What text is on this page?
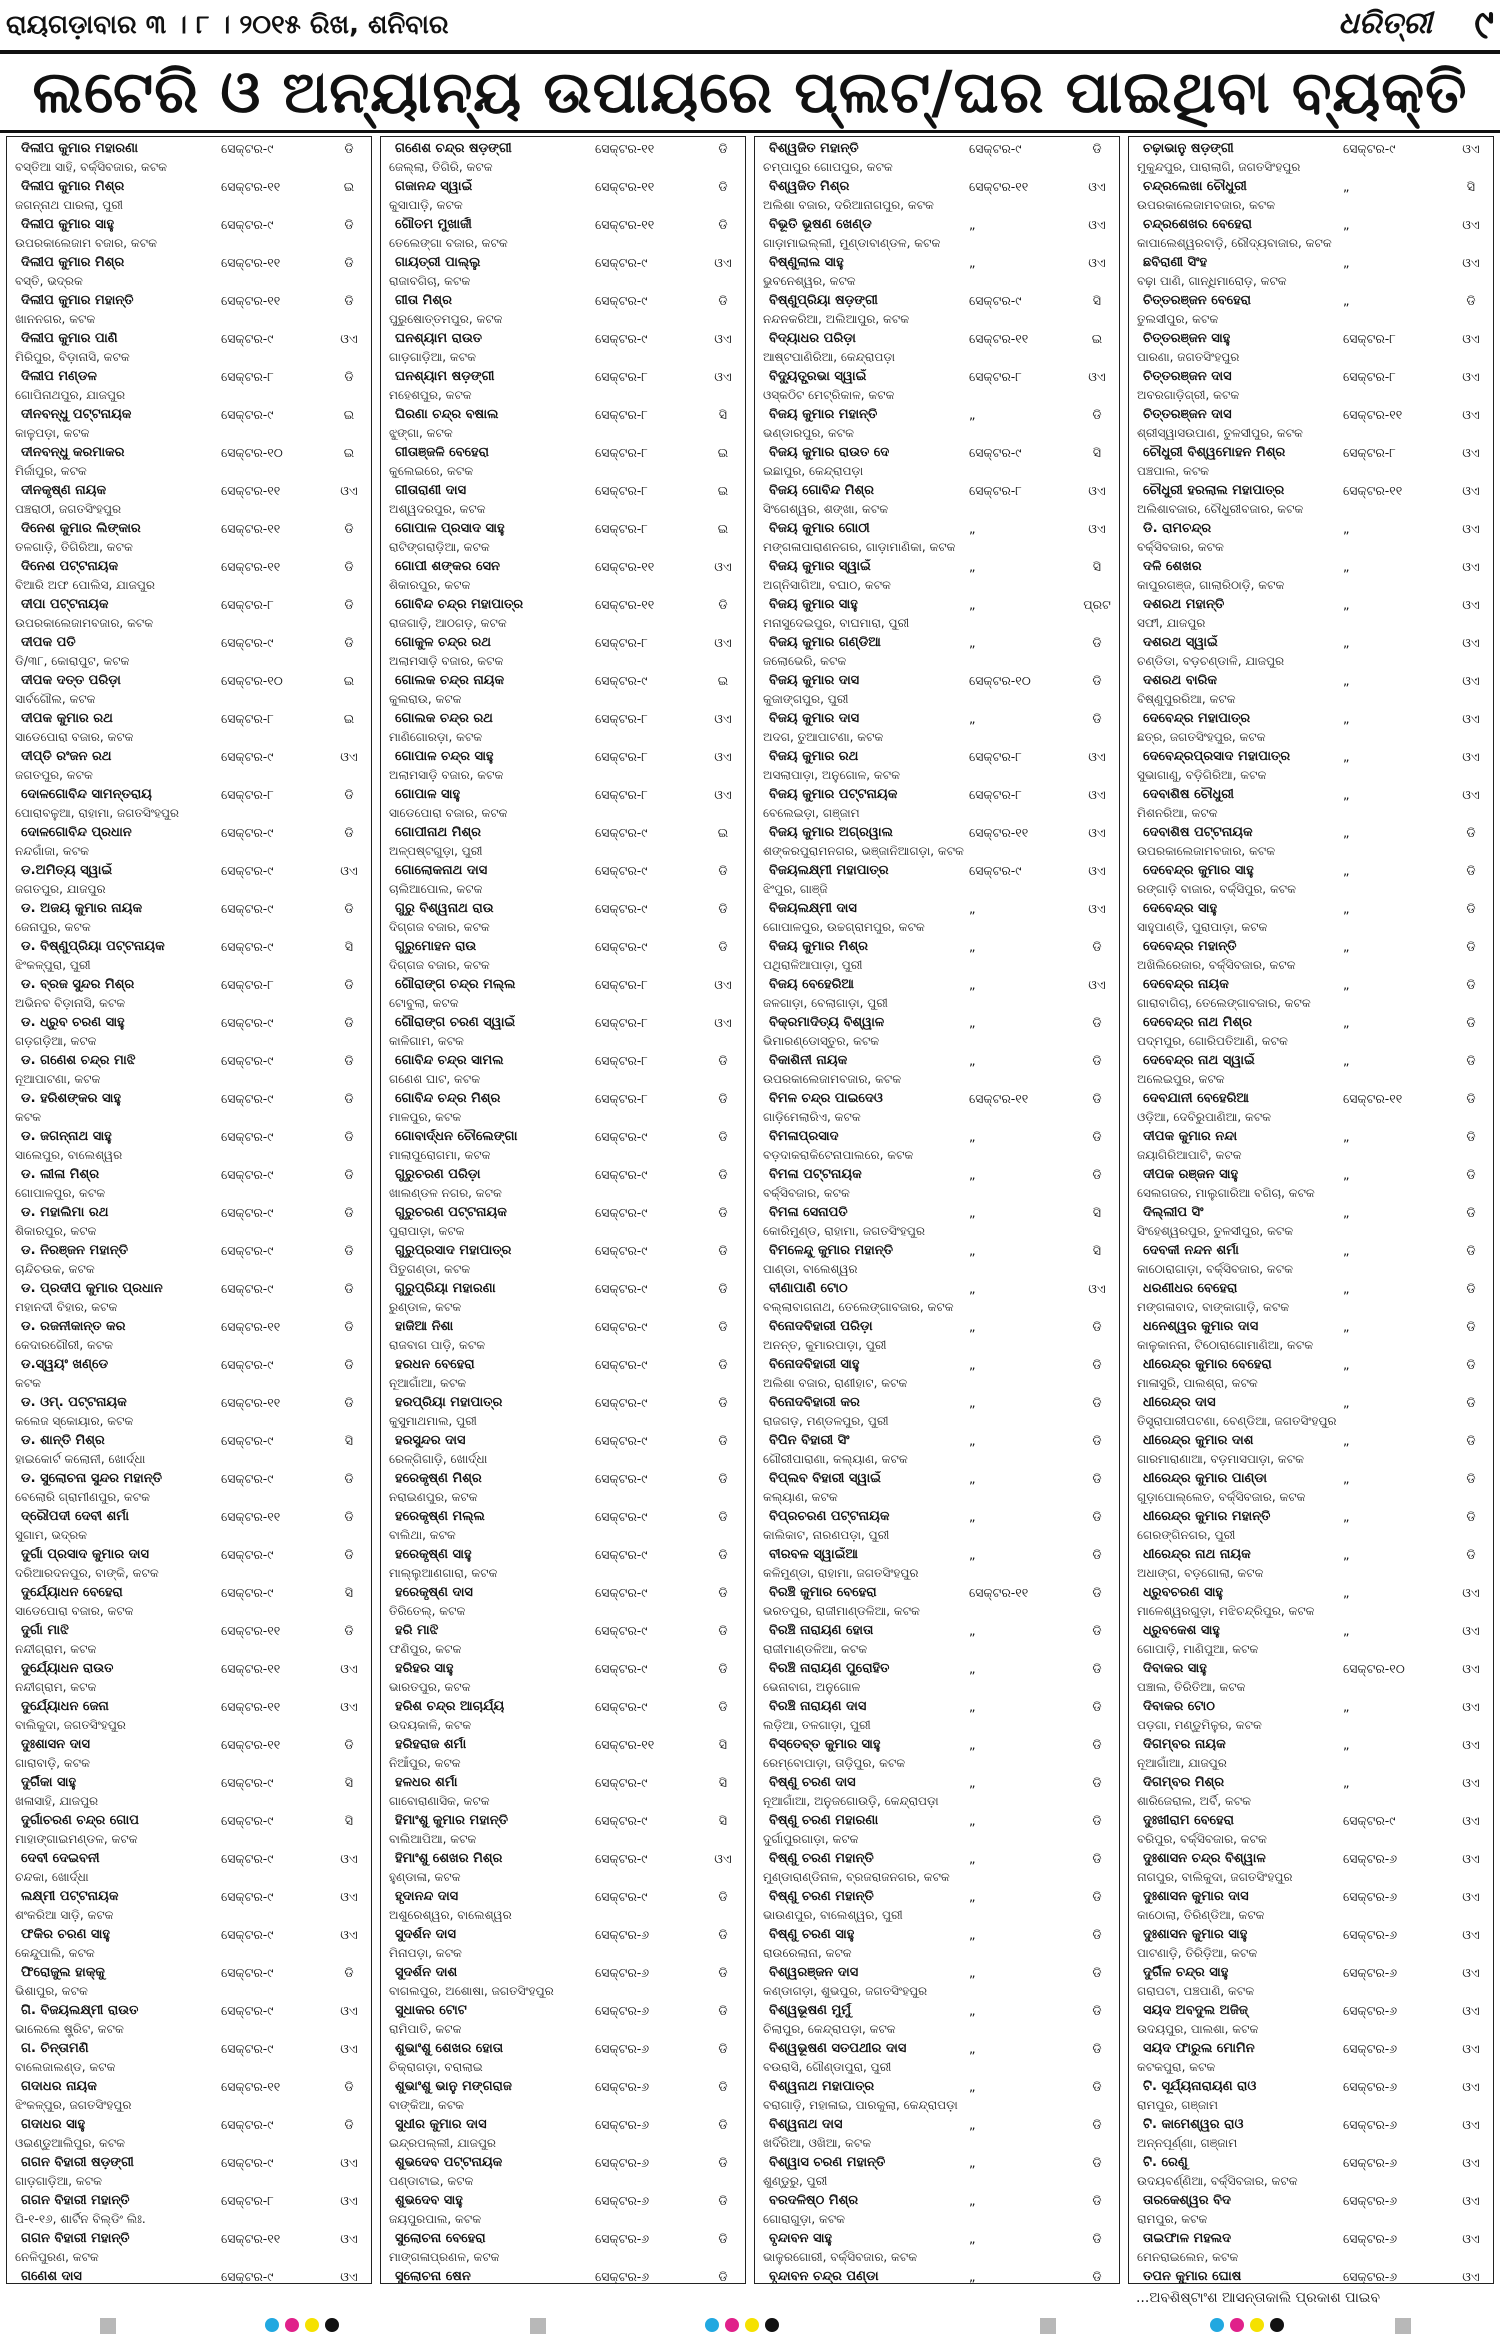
ରାୟଗଡ଼ାବାର ୩ । ୮ । ୨୦୧୫ ରିଖ, ଶନିବାର	ଧରିତ୍ରୀ ୯
ଲଟେରି ଓ ଅନ୍ୟାନ୍ୟ ଉପାୟରେ ପ୍ଲଟ୍/ଘର ପାଇଥିବା ବ୍ୟକ୍ତି
ଦିଲୀପ କୁମାର ମହାରଣା	ସେକ୍ଟର-୯	ଡି
ବସ୍ତିଆ ସାହି, ବର୍କ୍ସିବଜାର, କଟକ
ଦିଲୀପ କୁମାର ମିଶ୍ର	ସେକ୍ଟର-୧୧	ଇ
ଜଗନ୍ନାଥ ପାରଲା, ପୁରୀ
ଦିଲୀପ କୁମାର ସାହୁ	ସେକ୍ଟର-୯	ଡି
ଉପରକାଲେଜାମ ବଜାର, କଟକ
ଦିଲୀପ କୁମାର ମିଶ୍ର	ସେକ୍ଟର-୧୧	ଡି
ବସ୍ତି, ଭଦ୍ରକ
ଦିଲୀପ କୁମାର ମହାନ୍ତି	ସେକ୍ଟର-୧୧	ଡି
ଖାନନଗର, କଟକ
ଦିଲୀପ କୁମାର ପାଣି	ସେକ୍ଟର-୯	ଓଏ
ମିରିପୁର, ବିଡ଼ାନାସି, କଟକ
ଦିଲୀପ ମଣ୍ଡଳ	ସେକ୍ଟର-୮	ଡି
ଗୋପିନାଥପୁର, ଯାଜପୁର
ଦୀନବନ୍ଧୁ ପଟ୍ଟନାୟକ	ସେକ୍ଟର-୯	ଇ
କାଳୁପଡ଼ା, କଟକ
ଦୀନବନ୍ଧୁ କରମାକର	ସେକ୍ଟର-୧୦	ଇ
ମିର୍ଜାପୁର, କଟକ
ଦୀନକୃଷ୍ଣ ନାୟକ	ସେକ୍ଟର-୧୧	ଓଏ
ପଞ୍ଚରାଠୀ, ଜଗତସିଂହପୁର
ଦିନେଶ କୁମାର ଲିଙ୍କାର	ସେକ୍ଟର-୧୧	ଡି
ତଳଗାଡ଼ି, ତିଗିରିଆ, କଟକ
ଦିନେଶ ପଟ୍ଟନାୟକ	ସେକ୍ଟର-୧୧	ଡି
ବିଆରି ଅଫ ପୋଲିସ, ଯାଜପୁର
ଦୀପା ପଟ୍ଟନାୟକ	ସେକ୍ଟର-୮	ଡି
ଉପରକାଲେଜାମବଜାର, କଟକ
ଦୀପକ ପତି	ସେକ୍ଟର-୯	ଡି
ଡି/୩୮, କୋରାପୁଟ, କଟକ
ଦୀପକ ଦତ୍ତ ପରିଡ଼ା	ସେକ୍ଟର-୧୦	ଇ
ସାର୍ବଗୌଲ, କଟକ
ଦୀପକ କୁମାର ରଥ	ସେକ୍ଟର-୮	ଇ
ସାଡେପୋରା ବଜାର, କଟକ
ଦୀପ୍ତି ରଂଜନ ରଥ	ସେକ୍ଟର-୯	ଓଏ
ଜଗତପୁର, କଟକ
ଦୋଳଗୋବିନ୍ଦ ସାମନ୍ତରାୟ	ସେକ୍ଟର-୮	ଡି
ପୋରାବଳୁଆ, ରାହାମା, ଜଗତସିଂହପୁର
ଦୋଳଗୋବିନ୍ଦ ପ୍ରଧାନ	ସେକ୍ଟର-୯	ଡି
ନନ୍ଦଗାଁଜା, କଟକ
ଡ.ଅମିତ୍ୟ ସ୍ୱାଇଁ	ସେକ୍ଟର-୯	ଓଏ
ଜଗତପୁର, ଯାଜପୁର
ଡ. ଅଜୟ କୁମାର ନାୟକ	ସେକ୍ଟର-୯	ଡି
ଜେନାପୁର, କଟକ
ଡ. ବିଷ୍ଣୁପ୍ରିୟା ପଟ୍ଟନାୟକ	ସେକ୍ଟର-୯	ସି
ଝିଂକଳ୍ପୁରା, ପୁରୀ
ଡ. ବ୍ରଜ ସୁନ୍ଦର ମିଶ୍ର	ସେକ୍ଟର-୮	ଡି
ଅଭିନବ ବିଡ଼ାନାସି, କଟକ
ଡ. ଧ୍ରୁବ ଚରଣ ସାହୁ	ସେକ୍ଟର-୯	ଡି
ଗଡ଼ଗଡ଼ିଆ, କଟକ
ଡ. ଗଣେଶ ଚନ୍ଦ୍ର ମାଝି	ସେକ୍ଟର-୯	ଡି
ନୂଆପାଟଣା, କଟକ
ଡ. ହରିଶଙ୍କର ସାହୁ	ସେକ୍ଟର-୯	ଡି
କଟକ
ଡ. ଜଗନ୍ନାଥ ସାହୁ	ସେକ୍ଟର-୯	ଡି
ସାଲେପୁର, ବାଲେଶ୍ୱର
ଡ. ଲୀଳା ମିଶ୍ର	ସେକ୍ଟର-୯	ଡି
ଗୋପାଳପୁର, କଟକ
ଡ. ମହାଲିମା ରଥ	ସେକ୍ଟର-୯	ଡି
ଶିକାରପୁର, କଟକ
ଡ. ନିରଞ୍ଜନ ମହାନ୍ତି	ସେକ୍ଟର-୯	ଡି
ଚାନ୍ଦିଚଉକ, କଟକ
ଡ. ପ୍ରଦୀପ କୁମାର ପ୍ରଧାନ	ସେକ୍ଟର-୯	ଡି
ମହାନଦୀ ବିହାର, କଟକ
ଡ. ରଜନୀକାନ୍ତ କର	ସେକ୍ଟର-୧୧	ଡି
କେଦାରଗୌରୀ, କଟକ
ଡ.ସ୍ୱୟଂ ଖଣ୍ଡେ	ସେକ୍ଟର-୯	ଡି
କଟକ
ଡ. ଓମ୍. ପଟ୍ଟନାୟକ	ସେକ୍ଟର-୧୧	ଡି
କଲେଜ ସ୍କୋୟାର, କଟକ
ଡ. ଶାନ୍ତି ମିଶ୍ର	ସେକ୍ଟର-୯	ସି
ହାଇକୋର୍ଟ କଲୋନୀ, ଖୋର୍ଦ୍ଧା
ଡ. ସୁଲୋଚନା ସୁନ୍ଦର ମହାନ୍ତି	ସେକ୍ଟର-୯	ଡି
ବେଲୋରି ଗ୍ରାମୀଣପୁର, କଟକ
ଦ୍ରୌପଦୀ ଦେବୀ ଶର୍ମା	ସେକ୍ଟର-୧୧	ଡି
ସୁଗାମ, ଭଦ୍ରକ
ଦୁର୍ଗା ପ୍ରସାଦ କୁମାର ଦାସ	ସେକ୍ଟର-୯	ଡି
ଦରିଆରଦନପୁର, ବାଙ୍କି, କଟକ
ଦୁର୍ଯ୍ୟୋଧନ ବେହେରା	ସେକ୍ଟର-୯	ସି
ସାଡେପୋରା ବଜାର, କଟକ
ଦୁର୍ଗା ମାଝି	ସେକ୍ଟର-୧୧	ଡି
ନନ୍ଦୀଗ୍ରାମ, କଟକ
ଦୁର୍ଯ୍ୟୋଧନ ରାଉତ	ସେକ୍ଟର-୧୧	ଓଏ
ନନ୍ଦୀଗ୍ରାମ, କଟକ
ଦୁର୍ଯ୍ୟୋଧନ ଜେନା	ସେକ୍ଟର-୧୧	ଓଏ
ବାଲିକୁଦା, ଜଗତସିଂହପୁର
ଦୁଃଶାସନ ଦାସ	ସେକ୍ଟର-୧୧	ଡି
ଗାରାବାଡ଼ି, କଟକ
ଦୁର୍ଗିକା ସାହୁ	ସେକ୍ଟର-୯	ସି
ଖଳାସାହି, ଯାଜପୁର
ଦୁର୍ଗାଚରଣ ଚନ୍ଦ୍ର ଗୋପ	ସେକ୍ଟର-୯	ସି
ମାହାଙ୍ଗାଇମଣ୍ଡଳ, କଟକ
ଦେବୀ ଦେଇବନୀ	ସେକ୍ଟର-୯	ଓଏ
ଚନ୍ଦକା, ଖୋର୍ଦ୍ଧା
ଲକ୍ଷ୍ମୀ ପଟ୍ଟନାୟକ	ସେକ୍ଟର-୯	ଓଏ
ଶଂକରିଆ ସାଡ଼ି, କଟକ
ଫକିର ଚରଣ ସାହୁ	ସେକ୍ଟର-୯	ଓଏ
କେନ୍ଦୁପାଲି, କଟକ
ଫିରୋଜୁଲ ହାକ୍କୁ	ସେକ୍ଟର-୯	ଡି
ଭିଶାପୁର, କଟକ
ଗି. ବିଜୟଲକ୍ଷ୍ମୀ ରାଉତ	ସେକ୍ଟର-୯	ଓଏ
ଭାଲେଲେ ଷ୍ଟ୍ରିଟ, କଟକ
ଗ. ଚିନ୍ତାମଣି	ସେକ୍ଟର-୯	ଓଏ
ବାଲେଜାଲଣ୍ଡ, କଟକ
ଗଦାଧର ନାୟକ	ସେକ୍ଟର-୧୧	ଡି
ଝିଂକଳ୍ପୁର, ଜଗତସିଂହପୁର
ଗଦାଧର ସାହୁ	ସେକ୍ଟର-୯	ଡି
ଓଇଣ୍ଡୁଆଲିପୁର, କଟକ
ଗଗନ ବିହାରୀ ଷଡ଼ଙ୍ଗୀ	ସେକ୍ଟର-୯	ଓଏ
ଗାଡ଼ଗାଡ଼ିଆ, କଟକ
ଗଗନ ବିହାରୀ ମହାନ୍ତି	ସେକ୍ଟର-୮	ଓଏ
ପି-୧-୧୬, ଶାର୍ଟିନ ବିଲ୍ଡିଂ ଲିଃ.
ଗଗନ ବିହାରୀ ମହାନ୍ତି	ସେକ୍ଟର-୧୧	ଓଏ
ନେଳିପୁରଣ, କଟକ
ଗଣେଶ ଦାସ	ସେକ୍ଟର-୯	ଓଏ
ଗଣେଶ ଚନ୍ଦ୍ର ଷଡ଼ଙ୍ଗୀ	ସେକ୍ଟର-୧୧	ଡି
ଜେଲ୍ଲା, ତିଗିରି, କଟକ
ଗଜାନନ୍ଦ ସ୍ୱାଇଁ	ସେକ୍ଟର-୧୧	ଡି
କୁସାପାଡ଼ି, କଟକ
ଗୌତମ ମୁଖାର୍ଜୀ	ସେକ୍ଟର-୧୧	ଡି
ତେଲେଙ୍ଗା ବଜାର, କଟକ
ଗାୟତ୍ରୀ ପାଲ୍ଲୁ	ସେକ୍ଟର-୯	ଓଏ
ରାଜାବଗିଚା, କଟକ
ଗୀତା ମିଶ୍ର	ସେକ୍ଟର-୯	ଡି
ପୁରୁଷୋତ୍ତମପୁର, କଟକ
ଘନଶ୍ୟାମ ରାଉତ	ସେକ୍ଟର-୯	ଓଏ
ଗାଡ଼ଗାଡ଼ିଆ, କଟକ
ଘନଶ୍ୟାମ ଷଡ଼ଙ୍ଗୀ	ସେକ୍ଟର-୮	ଓଏ
ମହେଶପୁର, କଟକ
ଘିରଣା ଚନ୍ଦ୍ର ବଷାଲ	ସେକ୍ଟର-୮	ସି
ଝୁଙ୍ଗା, କଟକ
ଗୀତାଞ୍ଜଳି ବେହେରା	ସେକ୍ଟର-୮	ଇ
କୁଲେଇରେ, କଟକ
ଗୀତାରାଣୀ ଦାସ	ସେକ୍ଟର-୮	ଇ
ଅଶ୍ୱଦରପୁର, କଟକ
ଗୋପାଳ ପ୍ରସାଦ ସାହୁ	ସେକ୍ଟର-୮	ଇ
ରାଟିଙ୍ଗରାଡ଼ିଆ, କଟକ
ଗୋପୀ ଶଙ୍କର ସେନ	ସେକ୍ଟର-୧୧	ଓଏ
ଶିକାରପୁର, କଟକ
ଗୋବିନ୍ଦ ଚନ୍ଦ୍ର ମହାପାତ୍ର	ସେକ୍ଟର-୧୧	ଡି
ରାଜଗାଡ଼ି, ଆଠଗଡ଼, କଟକ
ଗୋକୁଳ ଚନ୍ଦ୍ର ରଥ	ସେକ୍ଟର-୮	ଓଏ
ଅଲାମସାଡ଼ି ବଜାର, କଟକ
ଗୋଲକ ଚନ୍ଦ୍ର ନାୟକ	ସେକ୍ଟର-୯	ଇ
କୁଲରାଉ, କଟକ
ଗୋଲକ ଚନ୍ଦ୍ର ରଥ	ସେକ୍ଟର-୮	ଓଏ
ମାଣିଗୋରଡ଼ା, କଟକ
ଗୋପାଳ ଚନ୍ଦ୍ର ସାହୁ	ସେକ୍ଟର-୮	ଓଏ
ଅଲାମସାଡ଼ି ବଜାର, କଟକ
ଗୋପାଳ ସାହୁ	ସେକ୍ଟର-୮	ଓଏ
ସାଡେପୋରା ବଜାର, କଟକ
ଗୋପୀନାଥ ମିଶ୍ର	ସେକ୍ଟର-୯	ଇ
ଅଳ୍ପଷ୍ଟଗୁଡ଼ା, ପୁରୀ
ଗୋଲୋକନାଥ ଦାସ	ସେକ୍ଟର-୯	ଡି
ଚାଲିଆପୋଲ, କଟକ
ଗୁରୁ ବିଶ୍ୱନାଥ ରାଉ	ସେକ୍ଟର-୯	ଡି
ଦିଗ୍ଗଜ ବଜାର, କଟକ
ଗୁରୁମୋହନ ରାଉ	ସେକ୍ଟର-୯	ଡି
ଦିଗ୍ଗଜ ବଜାର, କଟକ
ଗୌରାଙ୍ଗ ଚନ୍ଦ୍ର ମଲ୍ଲ	ସେକ୍ଟର-୮	ଓଏ
ଟୋବୁଲା, କଟକ
ଗୌରାଙ୍ଗ ଚରଣ ସ୍ୱାଇଁ	ସେକ୍ଟର-୮	ଓଏ
କାଳିଗାମ, କଟକ
ଗୋବିନ୍ଦ ଚନ୍ଦ୍ର ସାମଲ	ସେକ୍ଟର-୮	ଡି
ଗଣେଶ ଘାଟ, କଟକ
ଗୋବିନ୍ଦ ଚନ୍ଦ୍ର ମିଶ୍ର	ସେକ୍ଟର-୮	ଡି
ମାଳପୁର, କଟକ
ଗୋବାର୍ଦ୍ଧନ ଚୌଲେଙ୍ଗା	ସେକ୍ଟର-୯	ଡି
ମାଲାପୁରୋଗମା, କଟକ
ଗୁରୁଚରଣ ପରିଡ଼ା	ସେକ୍ଟର-୯	ଡି
ଖାଲଣ୍ଡଳ ନଗର, କଟକ
ଗୁରୁଚରଣ ପଟ୍ଟନାୟକ	ସେକ୍ଟର-୯	ଡି
ପୁରାପାଡ଼ା, କଟକ
ଗୁରୁପ୍ରସାଦ ମହାପାତ୍ର	ସେକ୍ଟର-୯	ଡି
ପିତୁଗଣ୍ଡା, କଟକ
ଗୁରୁପ୍ରିୟା ମହାରଣା	ସେକ୍ଟର-୯	ଡି
ରୁଣ୍ଡାଳ, କଟକ
ହାଜିଆ ନିଶା	ସେକ୍ଟର-୯	ଡି
ରାଜବାଗ ପାଡ଼ି, କଟକ
ହରଧନ ବେହେରା	ସେକ୍ଟର-୯	ଡି
ନୂଆଗାଁଆ, କଟକ
ହରପ୍ରିୟା ମହାପାତ୍ର	ସେକ୍ଟର-୯	ଡି
କୁସୁମାଥମାଲ, ପୁରୀ
ହରସୁନ୍ଦର ଦାସ	ସେକ୍ଟର-୯	ଡି
ରେଳ୍ଗିଗାଡ଼ି, ଖୋର୍ଦ୍ଧା
ହରେକୃଷ୍ଣ ମିଶ୍ର	ସେକ୍ଟର-୯	ଡି
ନରାଇଣପୁର, କଟକ
ହରେକୃଷ୍ଣ ମଲ୍ଲ	ସେକ୍ଟର-୯	ଡି
ବାଲିଥା, କଟକ
ହରେକୃଷ୍ଣ ସାହୁ	ସେକ୍ଟର-୯	ଡି
ମାଲ୍ଲୁଆଣଗାରା, କଟକ
ହରେକୃଷ୍ଣ ଦାସ	ସେକ୍ଟର-୯	ଡି
ତିରିତେଲ୍, କଟକ
ହରି ମାଝି	ସେକ୍ଟର-୯	ଡି
ଫଣିପୁର, କଟକ
ହରିହର ସାହୁ	ସେକ୍ଟର-୯	ଡି
ଭାରତପୁର, କଟକ
ହରିଶ ଚନ୍ଦ୍ର ଆଚାର୍ଯ୍ୟ	ସେକ୍ଟର-୯	ଡି
ଉଦୟକାଳି, କଟକ
ହରିହରାଜ ଶର୍ମା	ସେକ୍ଟର-୧୧	ସି
ନିଆଁପୁର, କଟକ
ହଳଧର ଶର୍ମା	ସେକ୍ଟର-୯	ସି
ଗାବୋରାଣାସିକ, କଟକ
ହିମାଂଶୁ କୁମାର ମହାନ୍ତି	ସେକ୍ଟର-୯	ସି
ବାଲିଆପିଆ, କଟକ
ହିମାଂଶୁ ଶେଖର ମିଶ୍ର	ସେକ୍ଟର-୯	ଓଏ
ହୁଣ୍ଡାଳା, କଟକ
ହୃଦାନନ୍ଦ ଦାସ	ସେକ୍ଟର-୯	ଡି
ଅଶୁରେଶ୍ୱର, ବାଲେଶ୍ୱର
ସୁଦର୍ଶନ ଦାସ	ସେକ୍ଟର-୬	ଡି
ମିନାପଡ଼ା, କଟକ
ସୁଦର୍ଶନ ଦାଶ	ସେକ୍ଟର-୬	ଡି
ବାଗଲପୁର, ଅଶୋଷା, ଜଗତସିଂହପୁର
ସୁଧାକର ଟୋଟ	ସେକ୍ଟର-୬	ଡି
ରାମିପାତି, କଟକ
ଶୁଭାଂଶୁ ଶେଖର ହୋତା	ସେକ୍ଟର-୬	ଡି
ଚିକ୍ରାଗଡ଼ା, ବରାଲାଇ
ଶୁଭାଂଶୁ ଭାନୁ ମଙ୍ଗରାଜ	ସେକ୍ଟର-୬	ଡି
ବାଙ୍କିଆ, କଟକ
ସୁଧୀର କୁମାର ଦାସ	ସେକ୍ଟର-୬	ଡି
ଇନ୍ଦ୍ରପଲ୍ଲୀ, ଯାଜପୁର
ଶୁଭଦେବ ପଟ୍ଟନାୟକ	ସେକ୍ଟର-୬	ଡି
ପଣ୍ଡାଟାଇ, କଟକ
ଶୁଭଦେବ ସାହୁ	ସେକ୍ଟର-୬	ଡି
ଜୟପୁରପାଲ, କଟକ
ସୁଲୋଚନା ବେହେରା	ସେକ୍ଟର-୬	ଡି
ମାଙ୍ଗଳାପ୍ରଣଳ, କଟକ
ସୁଲୋଚନା ଷେନ	ସେକ୍ଟର-୬	ଡି
ବିଶ୍ୱଜିତ ମହାନ୍ତି	ସେକ୍ଟର-୯	ଡି
ଚମ୍ପାପୁର ଗୋପପୁର, କଟକ
ବିଶ୍ୱଜିତ ମିଶ୍ର	ସେକ୍ଟର-୧୧	ଓଏ
ଅଲିଶା ବଜାର, ଦରିଆନାଗପୁର, କଟକ
ବିଭୂତି ଭୂଷଣ ଖେଣ୍ଡ	„	ଓଏ
ଗାଡ଼ାମାଇଲ୍ଲୀ, ମୁଣ୍ଡାବାଣ୍ଡଳ, କଟକ
ବିଷ୍ଣୁଲାଲ ସାହୁ	„	ଓଏ
ଭୁବନେଶ୍ୱର, କଟକ
ବିଷ୍ଣୁପ୍ରିୟା ଷଡ଼ଙ୍ଗୀ	ସେକ୍ଟର-୯	ସି
ନନ୍ଦନକରିଆ, ଅଲିଆପୁର, କଟକ
ବିଦ୍ୟାଧର ପରିଡ଼ା	ସେକ୍ଟର-୧୧	ଇ
ଆଷ୍ଟପାଣିରିଆ, କେନ୍ଦ୍ରାପଡ଼ା
ବିଦ୍ୟୁତ୍ପ୍ରଭା ସ୍ୱାଇଁ	ସେକ୍ଟର-୮	ଓଏ
ଓସ୍କଠିଟ ମେଟ୍ରିକାଳ, କଟକ
ବିଜୟ କୁମାର ମହାନ୍ତି	„	ଡି
ଭଣ୍ଡାରପୁର, କଟକ
ବିଜୟ କୁମାର ରାଉତ ଦେ	ସେକ୍ଟର-୯	ସି
ଇଛାପୁର, କେନ୍ଦ୍ରାପଡ଼ା
ବିଜୟ ଗୋବିନ୍ଦ ମିଶ୍ର	ସେକ୍ଟର-୮	ଓଏ
ସିଂଗେଶ୍ୱର, ଶଙ୍ଖା, କଟକ
ବିଜୟ କୁମାର ଗୋଠୀ	„	ଓଏ
ମଙ୍ଗଳାପାରାଣନଗର, ଗାଡ଼ାମାଣିକା, କଟକ
ବିଜୟ କୁମାର ସ୍ୱାଇଁ	„	ସି
ଅଗ୍ନିସାଗିଆ, ବଘାଠ, କଟକ
ବିଜୟ କୁମାର ସାହୁ	„	ପ୍ରଟ
ମନାସୁଦେଇପୁର, ବାଘମାରା, ପୁରୀ
ବିଜୟ କୁମାର ଗଣ୍ଡିଆ	„	ଡି
ଜଲୋଭେରି, କଟକ
ବିଜୟ କୁମାର ଦାସ	ସେକ୍ଟର-୧୦	ଡି
କୁଜାଙ୍ଗପୁର, ପୁରୀ
ବିଜୟ କୁମାର ଦାସ	„	ଡି
ଅଦଗ, ତୁଆପାଟଣା, କଟକ
ବିଜୟ କୁମାର ରଥ	ସେକ୍ଟର-୮	ଓଏ
ଅସଲାପାଡ଼ା, ଅନୁଗୋଳ, କଟକ
ବିଜୟ କୁମାର ପଟ୍ଟନାୟକ	ସେକ୍ଟର-୮	ଓଏ
ବେଲେଇଡ଼ା, ଗଞ୍ଜାମ
ବିଜୟ କୁମାର ଅଗ୍ରୱାଲ	ସେକ୍ଟର-୧୧	ଓଏ
ଶଙ୍କରପୁରାମନଗର, ଭଞ୍ଜାନିଆଗଡ଼ା, କଟକ
ବିଜୟଲକ୍ଷ୍ମୀ ମହାପାତ୍ର	ସେକ୍ଟର-୯	ଓଏ
ଝିଂପୁର, ଗାଞ୍ଜି
ବିଜୟଲକ୍ଷ୍ମୀ ଦାସ	„	ଓଏ
ଗୋପାଳପୁର, ଉଚ୍ଚଗ୍ରାମପୁର, କଟକ
ବିଜୟ କୁମାର ମିଶ୍ର	„	ଡି
ପଥିରାଳିଆପାଡ଼ା, ପୁରୀ
ବିଜୟ ବେହେରିଆ	„	ଓଏ
ଜଳଗାଡ଼ା, ବେଲାଗାଡ଼ା, ପୁରୀ
ବିକ୍ରମାଦିତ୍ୟ ବିଶ୍ୱାଳ	„	ଡି
ଭିମାରଣ୍ଡୋସ୍ତୁର, କଟକ
ବିକାଶିନୀ ନାୟକ	„	ଡି
ଉପରକାଲେଜାମବଜାର, କଟକ
ବିମଳ ଚନ୍ଦ୍ର ପାଇଦେଓ	ସେକ୍ଟର-୧୧	ଡି
ଗାଡ଼ିମେଲାରିଏ, କଟକ
ବିମଳାପ୍ରସାଦ	„	ଡି
ବଡ଼ଦାକରାକିଟେନାପାଲରେ, କଟକ
ବିମଳା ପଟ୍ଟନାୟକ	„	ଡି
ବର୍କ୍ସିବଜାର, କଟକ
ବିମଳା ସେନାପତି	„	ସି
କୋରିମୁଣ୍ଡ, ରାହାମା, ଜଗତସିଂହପୁର
ବିମଳେନ୍ଦୁ କୁମାର ମହାନ୍ତି	„	ସି
ପାଣ୍ଡା, ବାଲେଶ୍ୱର
ବୀଣାପାଣି ଟୋଠ	„	ଓଏ
ବଲ୍ଲାବାଗନାଥ, ତେଲେଙ୍ଗାବଜାର, କଟକ
ବିନୋଦବିହାରୀ ପରିଡ଼ା	„	ଡି
ଅନନ୍ତ, କୁମାରପାଡ଼ା, ପୁରୀ
ବିନୋଦବିହାରୀ ସାହୁ	„	ଡି
ଅଲିଶା ବଜାର, ରାଣୀହାଟ, କଟକ
ବିନୋଦବିହାରୀ କର	„	ଡି
ରାଜଗଡ଼, ମଣ୍ଡଳପୁର, ପୁରୀ
ବିପିନ ବିହାରୀ ସିଂ	„	ଡି
ଗୌରୀପାରାଣା, କଲ୍ୟାଣ, କଟକ
ବିପ୍ଲବ ବିହାରୀ ସ୍ୱାଇଁ	„	ଡି
କଲ୍ୟାଣ, କଟକ
ବିପ୍ରଚରଣ ପଟ୍ଟନାୟକ	„	ଡି
କାଲିକାଟ, ନାରଣପଡ଼ା, ପୁରୀ
ବୀରବଳ ସ୍ୱାଇଁଆ	„	ଡି
କଳିମୁଣ୍ଡା, ରାହାମା, ଜଗତସିଂହପୁର
ବିରଞ୍ଚି କୁମାର ବେହେରା	ସେକ୍ଟର-୧୧	ଡି
ଭରତପୁର, ରାଜୀମାଣ୍ଡଳିଆ, କଟକ
ବିରଞ୍ଚି ନାରାୟଣ ହୋତା	„	ଡି
ରାଜୀମାଣ୍ଡଳିଆ, କଟକ
ବିରଞ୍ଚି ନାରାୟଣ ପୁରୋହିତ	„	ଡି
ଭେନାବାଗ, ଅନୁଗୋଳ
ବିରଞ୍ଚି ନାରାୟଣ ଦାସ	„	ଡି
ଲଡ଼ିଆ, ତଳଗାଡ଼ା, ପୁରୀ
ବିସ୍ତେବ୍ତ କୁମାର ସାହୁ	„	ଡି
ରେମ୍ବୋପାଡ଼ା, ତାଡ଼ିପୁର, କଟକ
ବିଷ୍ଣୁ ଚରଣ ଦାସ	„	ଡି
ନୂଆଗାଁଆ, ଅନୁଜଗୋଉଡ଼ି, କେନ୍ଦ୍ରାପଡ଼ା
ବିଷ୍ଣୁ ଚରଣ ମହାରଣା	„	ଡି
ଦୁର୍ଗାପୁରଗାଡ଼ା, କଟକ
ବିଷ୍ଣୁ ଚରଣ ମହାନ୍ତି	„	ଡି
ମୁଣ୍ଡାରାଣ୍ଡିନାଳ, ବ୍ରଜରାଜନଗର, କଟକ
ବିଷ୍ଣୁ ଚରଣ ମହାନ୍ତି	„	ଡି
ଭାଉଣପୁର, ବାଲେଶ୍ୱର, ପୁରୀ
ବିଷ୍ଣୁ ଚରଣ ସାହୁ	„	ଡି
ରାଉରେଲାନା, କଟକ
ବିଶ୍ୱରଞ୍ଜନ ଦାସ	„	ଡି
କଣ୍ଡାଗଡ଼ା, ଶୁଭପୁର, ଜଗତସିଂହପୁର
ବିଶ୍ୱଭୂଷଣ ମୁର୍ମୁ	„	ଡି
ଚିଲାପୁର, କେନ୍ଦ୍ରାପଡ଼ା, କଟକ
ବିଶ୍ୱଭୂଷଣ ସତପଥୀର ଦାସ	„	ଡି
ବଉରାସି, ଗୌଣ୍ଡାପୁରା, ପୁରୀ
ବିଶ୍ୱନାଥ ମହାପାତ୍ର	„	ଡି
ବରାଗାଡ଼ି, ମହାଳାଇ, ପାରକୁଲା, କେନ୍ଦ୍ରାପଡ଼ା
ବିଶ୍ୱନାଥ ଦାସ	„	ଡି
ଖଦିଁରିଆ, ଓଖିଆ, କଟକ
ବିଶ୍ୱାସ ଚରଣ ମହାନ୍ତି	„	ଡି
ଶୁଣ୍ଡୁରୁ, ପୁରୀ
ବରଦଳିଷ୍ଠ ମିଶ୍ର	„	ଡି
ଗୋରାଗୁଡ଼ା, କଟକ
ବୃନ୍ଦାବନ ସାହୁ	„	ଡି
ଭାଳୁରଗୋରୀ, ବର୍କ୍ସିବଜାର, କଟକ
ବୃନ୍ଦାବନ ଚନ୍ଦ୍ର ପଣ୍ଡା	„	ଡି
ଚଢ଼ାଭାନୁ ଷଡ଼ଙ୍ଗୀ	ସେକ୍ଟର-୯	ଓଏ
ମୁକୁନ୍ଦପୁର, ପାରାଲାଗି, ଜଗତସିଂହପୁର
ଚନ୍ଦ୍ରଲେଖା ଚୌଧୁରୀ	„	ସି
ଉପରକାଲେଜାମବଜାର, କଟକ
ଚନ୍ଦ୍ରଶେଖର ବେହେରା	„	ଓଏ
କାପାଲେଶ୍ୱରବାଡ଼ି, ରୌଦ୍ୟବାଜାର, କଟକ
ଛବିରାଣୀ ସିଂହ	„	ଓଏ
ବଢ଼ା ପାଣି, ଗାନ୍ଧିମାରୋଡ଼, କଟକ
ଚିତ୍ତରଞ୍ଜନ ବେହେରା	„	ଡି
ତୁଲସୀପୁର, କଟକ
ଚିତ୍ତରଞ୍ଜନ ସାହୁ	ସେକ୍ଟର-୮	ଓଏ
ପାରଣା, ଜଗତସିଂହପୁର
ଚିତ୍ତରଞ୍ଜନ ଦାସ	ସେକ୍ଟର-୮	ଓଏ
ଅବରଗାଡ଼ିଗ୍ରୀ, କଟକ
ଚିତ୍ତରଞ୍ଜନ ଦାସ	ସେକ୍ଟର-୧୧	ଓଏ
ଶ୍ରୀସ୍ୱାସଉପାଣ, ତୁଳସୀପୁର, କଟକ
ଚୌଧୁରୀ ବିଶ୍ୱମୋହନ ମିଶ୍ର	ସେକ୍ଟର-୮	ଓଏ
ପଞ୍ଚପାଲ, କଟକ
ଚୌଧୁରୀ ହରଲାଲ ମହାପାତ୍ର	ସେକ୍ଟର-୧୧	ଓଏ
ଅଲିଶାବଜାର, ଚୌଧୁରୀବଜାର, କଟକ
ଡି. ରାମଚନ୍ଦ୍ର	„	ଓଏ
ବର୍କ୍ସିବଜାର, କଟକ
ଦଳି ଶେଖର	„	ଓଏ
କାପୁରଗଞ୍ଜ, ଗାଲାରିଠାଡ଼ି, କଟକ
ଦଶରଥ ମହାନ୍ତି	„	ଓଏ
ସଫୀ, ଯାଜପୁର
ଦଶରଥ ସ୍ୱାଇଁ	„	ଓଏ
ଚଣ୍ଡିଡା, ବଡ଼ଚଣ୍ଡାଳି, ଯାଜପୁର
ଦଶରଥ ବାରିକ	„	ଓଏ
ବିଷ୍ଣୁପୁରରିଆ, କଟକ
ଦେବେନ୍ଦ୍ର ମହାପାତ୍ର	„	ଓଏ
ଛତ୍ର, ଜଗତସିଂହପୁର, କଟକ
ଦେବେନ୍ଦ୍ରପ୍ରସାଦ ମହାପାତ୍ର	„	ଓଏ
ସୁଭାଗାଣୁ, ବଡ଼ିଗିରିଆ, କଟକ
ଦେବାଶିଷ ଚୌଧୁରୀ	„	ଓଏ
ମିଶନରିଆ, କଟକ
ଦେବାଶିଷ ପଟ୍ଟନାୟକ	„	ଡି
ଉପରକାଲେଜାମବଜାର, କଟକ
ଦେବେନ୍ଦ୍ର କୁମାର ସାହୁ	„	ଡି
ରଙ୍ଗାଡ଼ି ବାଜାର, ବର୍କ୍ସିପୁର, କଟକ
ଦେବେନ୍ଦ୍ର ସାହୁ	„	ଡି
ସାହୁପାଣ୍ଡି, ପୁରାପାଡ଼ା, କଟକ
ଦେବେନ୍ଦ୍ର ମହାନ୍ତି	„	ଡି
ଅଖିଲିରେଜାର, ବର୍କ୍ସିବଜାର, କଟକ
ଦେବେନ୍ଦ୍ର ନାୟକ	„	ଡି
ଗାରାବାଗିଚା, ତେଲେଙ୍ଗାବଜାର, କଟକ
ଦେବେନ୍ଦ୍ର ନାଥ ମିଶ୍ର	„	ଡି
ପଦ୍ମପୁର, ଗୋରିପତିଆଣି, କଟକ
ଦେବେନ୍ଦ୍ର ନାଥ ସ୍ୱାଇଁ	„	ଡି
ଅଲେଇପୁର, କଟକ
ଦେବଯାନୀ ବେହେରିଆ	ସେକ୍ଟର-୧୧	ଡି
ଓଡ଼ିଆ, ଦେବିରୁପାଣିଆ, କଟକ
ଦୀପକ କୁମାର ନନ୍ଦା	„	ଡି
ଜୟାଗିରିଆପାଟି, କଟକ
ଦୀପକ ରଞ୍ଜନ ସାହୁ	„	ଡି
ସେଲଗଜର, ମାଲୁଗାରିଆ ବଗିଚା, କଟକ
ଦିଲ୍ଲୀପ ସିଂ	„	ଡି
ସିଂହେଶ୍ୱରପୁର, ତୁଳସୀପୁର, କଟକ
ଦେବକୀ ନନ୍ଦନ ଶର୍ମା	„	ଡି
କାଠୋରାଗାଡ଼ା, ବର୍କ୍ସିବଜାର, କଟକ
ଧରଣୀଧର ବେହେରା	„	ଡି
ମଙ୍ଗଳାବାଦ, ବାଙ୍କାଗାଡ଼ି, କଟକ
ଧନେଶ୍ୱର କୁମାର ଦାସ	„	ଡି
କାଳୁକାନନା, ଟିଠୋରାଗୋମାଣିଆ, କଟକ
ଧୀରେନ୍ଦ୍ର କୁମାର ବେହେରା	„	ଡି
ମାଳାସୁରି, ପାଲଶ୍ରା, କଟକ
ଧୀରେନ୍ଦ୍ର ଦାସ	„	ଡି
ତିସ୍ତ୍ରାପାରୀପଟଣା, ବେଣ୍ଡିଆ, ଜଗତସିଂହପୁର
ଧୀରେନ୍ଦ୍ର କୁମାର ଦାଶ	„	ଡି
ଗାରମାରାଣାଆ, ବଡ଼ମାସପାଡ଼ା, କଟକ
ଧୀରେନ୍ଦ୍ର କୁମାର ପାଣ୍ଡା	„	ଡି
ଗୁଡ଼ାପୋଲ୍ଲେତ, ବର୍କ୍ସିବଜାର, କଟକ
ଧୀରେନ୍ଦ୍ର କୁମାର ମହାନ୍ତି	„	ଡି
ଗେରଙ୍ଗିନଗର, ପୁରୀ
ଧୀରେନ୍ଦ୍ର ନାଥ ନାୟକ	„	ଡି
ଅଧାଙ୍ଗ, ବଡ଼ଗୋଲା, କଟକ
ଧ୍ରୁବଚରଣ ସାହୁ	„	ଓଏ
ମାଳେଶ୍ୱରଗୁଡ଼ା, ମଝିଚନ୍ଦ୍ରିପୁର, କଟକ
ଧ୍ରୁବକେଶ ସାହୁ	„	ଓଏ
ଗୋପାଡ଼ି, ମାଣିପୁଆ, କଟକ
ଦିବାକର ସାହୁ	ସେକ୍ଟର-୧୦	ଓଏ
ପଞ୍ଚାଲ, ତିରିତିଆ, କଟକ
ଦିବାକର ଟୋଠ	„	ଓଏ
ପଡ଼ଗା, ମଣ୍ଡୁମିଳୁର, କଟକ
ଦିଗମ୍ବର ନାୟକ	„	ଓଏ
ନୂଆଗାଁଆ, ଯାଜପୁର
ଦିଗମ୍ବର ମିଶ୍ର	„	ଓଏ
ଶାରିଜେରାଲ, ଅର୍ବି, କଟକ
ଦୁଃଖୀରାମ ବେହେରା	ସେକ୍ଟର-୯	ଓଏ
ବରିପୁର, ବର୍କ୍ସିବଜାର, କଟକ
ଦୁଃଶାସନ ଚନ୍ଦ୍ର ବିଶ୍ୱାଳ	ସେକ୍ଟର-୬	ଓଏ
ନାଗପୁର, ବାଲିକୁଦା, ଜଗତସିଂହପୁର
ଦୁଃଶାସନ କୁମାର ଦାସ	ସେକ୍ଟର-୬	ଓଏ
କାଠୋଲା, ତିରିଣ୍ଡିଆ, କଟକ
ଦୁଃଶାସନ କୁମାର ସାହୁ	ସେକ୍ଟର-୬	ଓଏ
ପାଟଣାଡ଼ି, ତିରିଡ଼ିଆ, କଟକ
ଦୁର୍ଗିଳ ଚନ୍ଦ୍ର ସାହୁ	ସେକ୍ଟର-୬	ଓଏ
ଗରାପଟା, ପଞ୍ଚପାଣି, କଟକ
ସୟଦ ଅବଦୁଲ ଅଜିଜ୍	ସେକ୍ଟର-୬	ଓଏ
ଉଦୟପୁର, ପାଲଶା, କଟକ
ସୟଦ ଫାରୁଲ ମୋମିନ	ସେକ୍ଟର-୬	ଓଏ
କଟକପୁରା, କଟକ
ଟି. ସୂର୍ଯ୍ୟନାରାୟଣ ରାଓ	ସେକ୍ଟର-୬	ଓଏ
ରାମପୁର, ଗଞ୍ଜାମ
ଟି. କାମେଶ୍ୱର ରାଓ	ସେକ୍ଟର-୬	ଓଏ
ଅନ୍ନପୂର୍ଣ୍ଣା, ଗଞ୍ଜାମ
ଟି. ରେଣୁ	ସେକ୍ଟର-୬	ଓଏ
ଉଦୟବର୍ଣ୍ଣିଆ, ବର୍କ୍ସିବଜାର, କଟକ
ତାରକେଶ୍ୱର ବିଦ	ସେକ୍ଟର-୬	ଓଏ
ରାମପୁର, କଟକ
ତାଇଫାଳ ମହଲଦ	ସେକ୍ଟର-୬	ଓଏ
ମେନରାଇଲେନ, କଟକ
ତପନ କୁମାର ଘୋଷ	ସେକ୍ଟର-୬	ଓଏ
...ଅବଶିଷ୍ଟାଂଶ ଆସନ୍ତାକାଲି ପ୍ରକାଶ ପାଇବ
